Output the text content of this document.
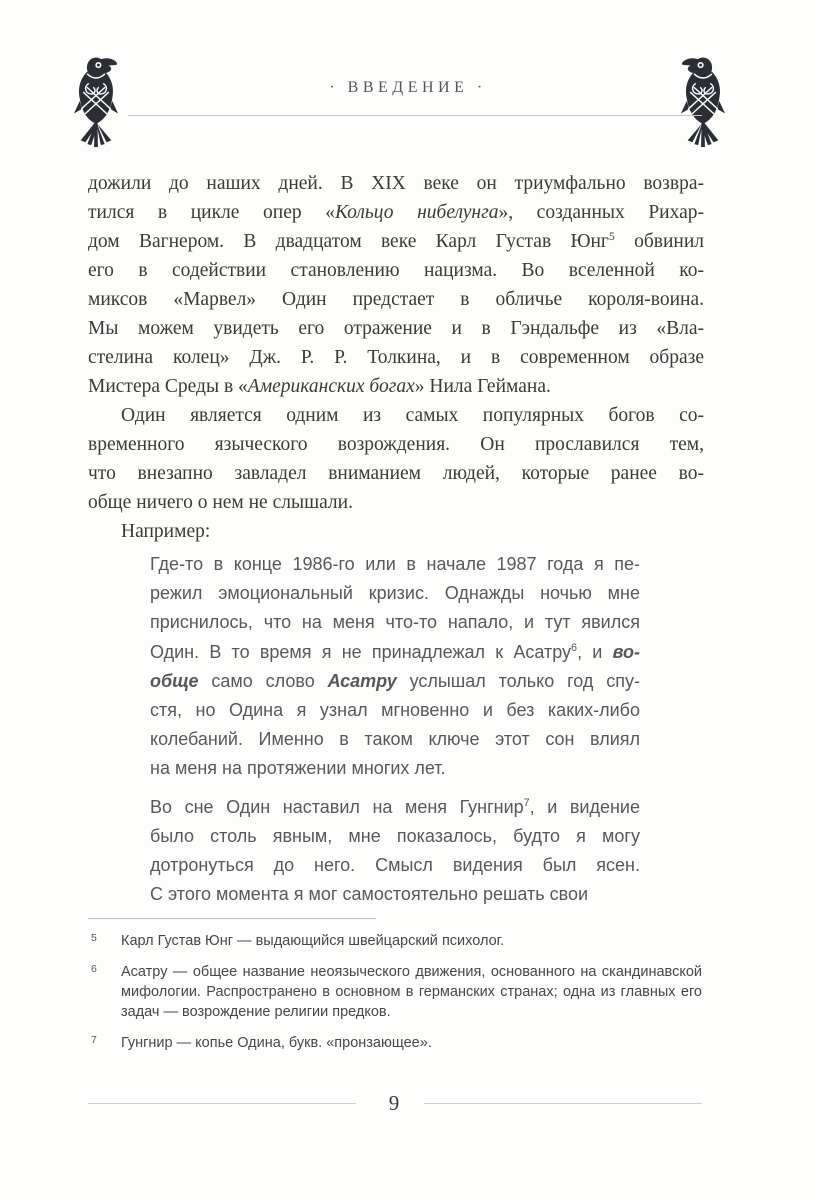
· ВВЕДЕНИЕ ·
дожили до наших дней. В XIX веке он триумфально возвра-
тился в цикле опер «Кольцо нибелунга», созданных Рихар-
дом Вагнером. В двадцатом веке Карл Густав Юнг$^5$ обвинил
его в содействии становлению нацизма. Во вселенной ко-
миксов «Марвел» Один предстает в обличье короля-воина.
Мы можем увидеть его отражение и в Гэндальфе из «Вла-
стелина колец» Дж. Р. Р. Толкина, и в современном образе
Мистера Среды в «Американских богах» Нила Геймана.
Один является одним из самых популярных богов со-
временного языческого возрождения. Он прославился тем,
что внезапно завладел вниманием людей, которые ранее во-
обще ничего о нем не слышали.
Например:
Где-то в конце 1986-го или в начале 1987 года я пе-
режил эмоциональный кризис. Однажды ночью мне
приснилось, что на меня что-то напало, и тут явился
Один. В то время я не принадлежал к Асатру$^6$, и во-
обще само слово Асатру услышал только год спу-
стя, но Одина я узнал мгновенно и без каких-либо
колебаний. Именно в таком ключе этот сон влиял
на меня на протяжении многих лет.
Во сне Один наставил на меня Гунгнир$^7$, и видение
было столь явным, мне показалось, будто я могу
дотронуться до него. Смысл видения был ясен.
С этого момента я мог самостоятельно решать свои
5 Карл Густав Юнг — выдающийся швейцарский психолог.
6 Асатру — общее название неоязыческого движения, основанного на скандинавской
мифологии. Распространено в основном в германских странах; одна из главных его
задач — возрождение религии предков.
7 Гунгнир — копье Одина, букв. «пронзающее».
9
